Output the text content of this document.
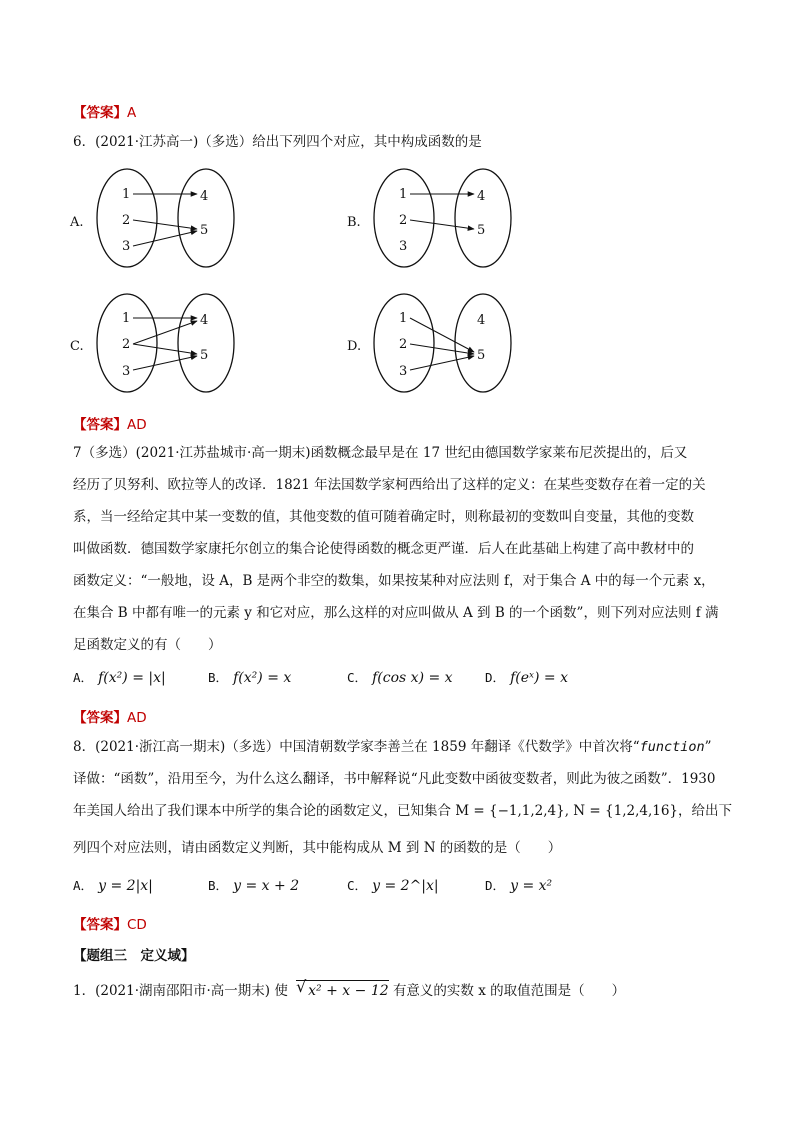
【答案】A
6．(2021·江苏高一)（多选）给出下列四个对应，其中构成函数的是
A.
1
2
3
4
5
B.
1
2
3
4
5
C.
1
2
3
4
5
D.
1
2
3
4
5
【答案】AD
7（多选）(2021·江苏盐城市·高一期末)函数概念最早是在 17 世纪由德国数学家莱布尼茨提出的，后又
经历了贝努利、欧拉等人的改译．1821 年法国数学家柯西给出了这样的定义：在某些变数存在着一定的关
系，当一经给定其中某一变数的值，其他变数的值可随着确定时，则称最初的变数叫自变量，其他的变数
叫做函数．德国数学家康托尔创立的集合论使得函数的概念更严谨．后人在此基础上构建了高中教材中的
函数定义：“一般地，设 A，B 是两个非空的数集，如果按某种对应法则 f，对于集合 A 中的每一个元素 x，
在集合 B 中都有唯一的元素 y 和它对应，那么这样的对应叫做从 A 到 B 的一个函数”，则下列对应法则 f 满
足函数定义的有（　　）
A． f(x²) = |x|	B． f(x²) = x	C． f(cos x) = x	D． f(eˣ) = x
【答案】AD
8．(2021·浙江高一期末)（多选）中国清朝数学家李善兰在 1859 年翻译《代数学》中首次将“function”
译做：“函数”，沿用至今，为什么这么翻译，书中解释说“凡此变数中函彼变数者，则此为彼之函数”．1930
年美国人给出了我们课本中所学的集合论的函数定义，已知集合 M = {−1,1,2,4}, N = {1,2,4,16}，给出下
列四个对应法则，请由函数定义判断，其中能构成从 M 到 N 的函数的是（　　）
A． y = 2|x|	B． y = x + 2	C． y = 2^|x|	D． y = x²
【答案】CD
【题组三　定义域】
1．(2021·湖南邵阳市·高一期末) 使 √ x² + x − 12 有意义的实数 x 的取值范围是（　　）
